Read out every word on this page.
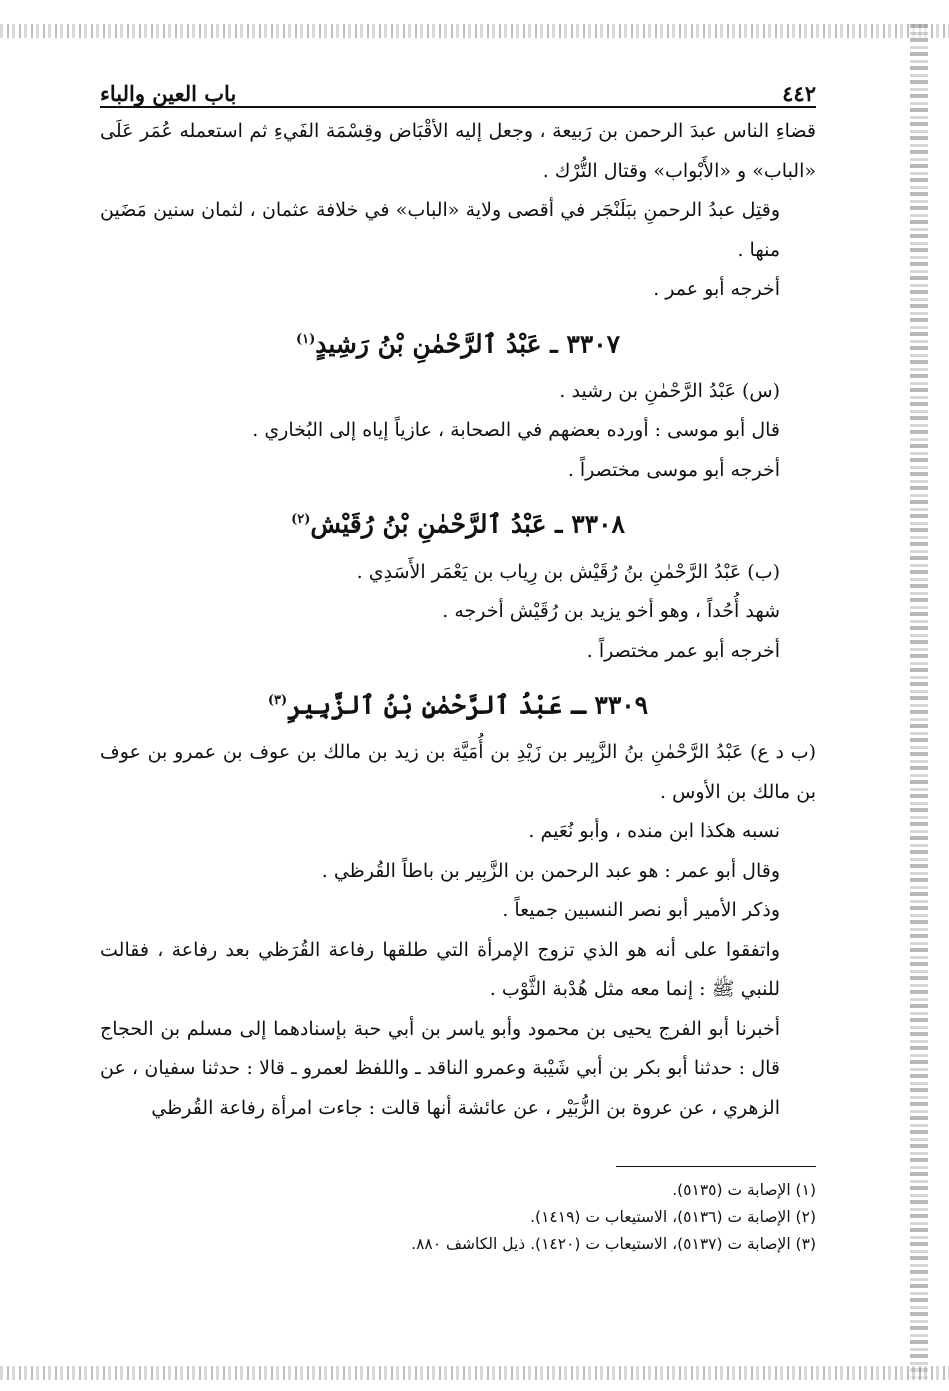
٤٤٢
باب العين والباء

قضاءِ الناس عبدَ الرحمن بن رَبيعة ، وجعل إليه الأقْبَاض وقِسْمَة الفَيءِ ثم استعمله عُمَر عَلَى «الباب» و «الأَبْواب» وقتال التُّرْك .

وقتِل عبدُ الرحمنِ ببَلَنْجَر في أقصى ولاية «الباب» في خلافة عثمان ، لثمان سنين مَضَين منها .

أخرجه أبو عمر .

٣٣٠٧ ـ عَبْدُ ٱلرَّحْمٰنِ بْنُ رَشِيدٍ$^{(١)}$

(س) عَبْدُ الرَّحْمٰنِ بن رشيد .

قال أبو موسى : أورده بعضهم في الصحابة ، عازياً إياه إلى البُخاري .

أخرجه أبو موسى مختصراً .

٣٣٠٨ ـ عَبْدُ ٱلرَّحْمٰنِ بْنُ رُقَيْش$^{(٢)}$

(ب) عَبْدُ الرَّحْمٰنِ بنُ رُقَيْش بن رِياب بن يَعْمَر الأَسَدِي .

شهد أُحُداً ، وهو أخو يزيد بن رُقَيْش أخرجه .

أخرجه أبو عمر مختصراً .

٣٣٠٩ ـ عَبْدُ ٱلرَّحْمٰنِ بْنُ ٱلزَّبِيرِ$^{(٣)}$

(ب د ع) عَبْدُ الرَّحْمٰنِ بنُ الزَّبِير بن زَيْدِ بن أُمَيَّة بن زيد بن مالك بن عوف بن عمرو بن عوف بن مالك بن الأوس .

نسبه هكذا ابن منده ، وأبو نُعَيم .

وقال أبو عمر : هو عبد الرحمن بن الزَّبِير بن باطاً القُرظي .

وذكر الأمير أبو نصر النسبين جميعاً .

واتفقوا على أنه هو الذي تزوج الإمرأة التي طلقها رفاعة القُرَظي بعد رفاعة ، فقالت للنبي ﷺ : إنما معه مثل هُدْبة الثَّوْب .

أخبرنا أبو الفرج يحيى بن محمود وأبو ياسر بن أبي حبة بإسنادهما إلى مسلم بن الحجاج قال : حدثنا أبو بكر بن أبي شَيْبة وعمرو الناقد ـ واللفظ لعمرو ـ قالا : حدثنا سفيان ، عن الزهري ، عن عروة بن الزُّبَيْر ، عن عائشة أنها قالت : جاءت امرأة رفاعة القُرظي

(١) الإصابة ت (٥١٣٥).

(٢) الإصابة ت (٥١٣٦)، الاستيعاب ت (١٤١٩).

(٣) الإصابة ت (٥١٣٧)، الاستيعاب ت (١٤٢٠). ذيل الكاشف ٨٨٠.
